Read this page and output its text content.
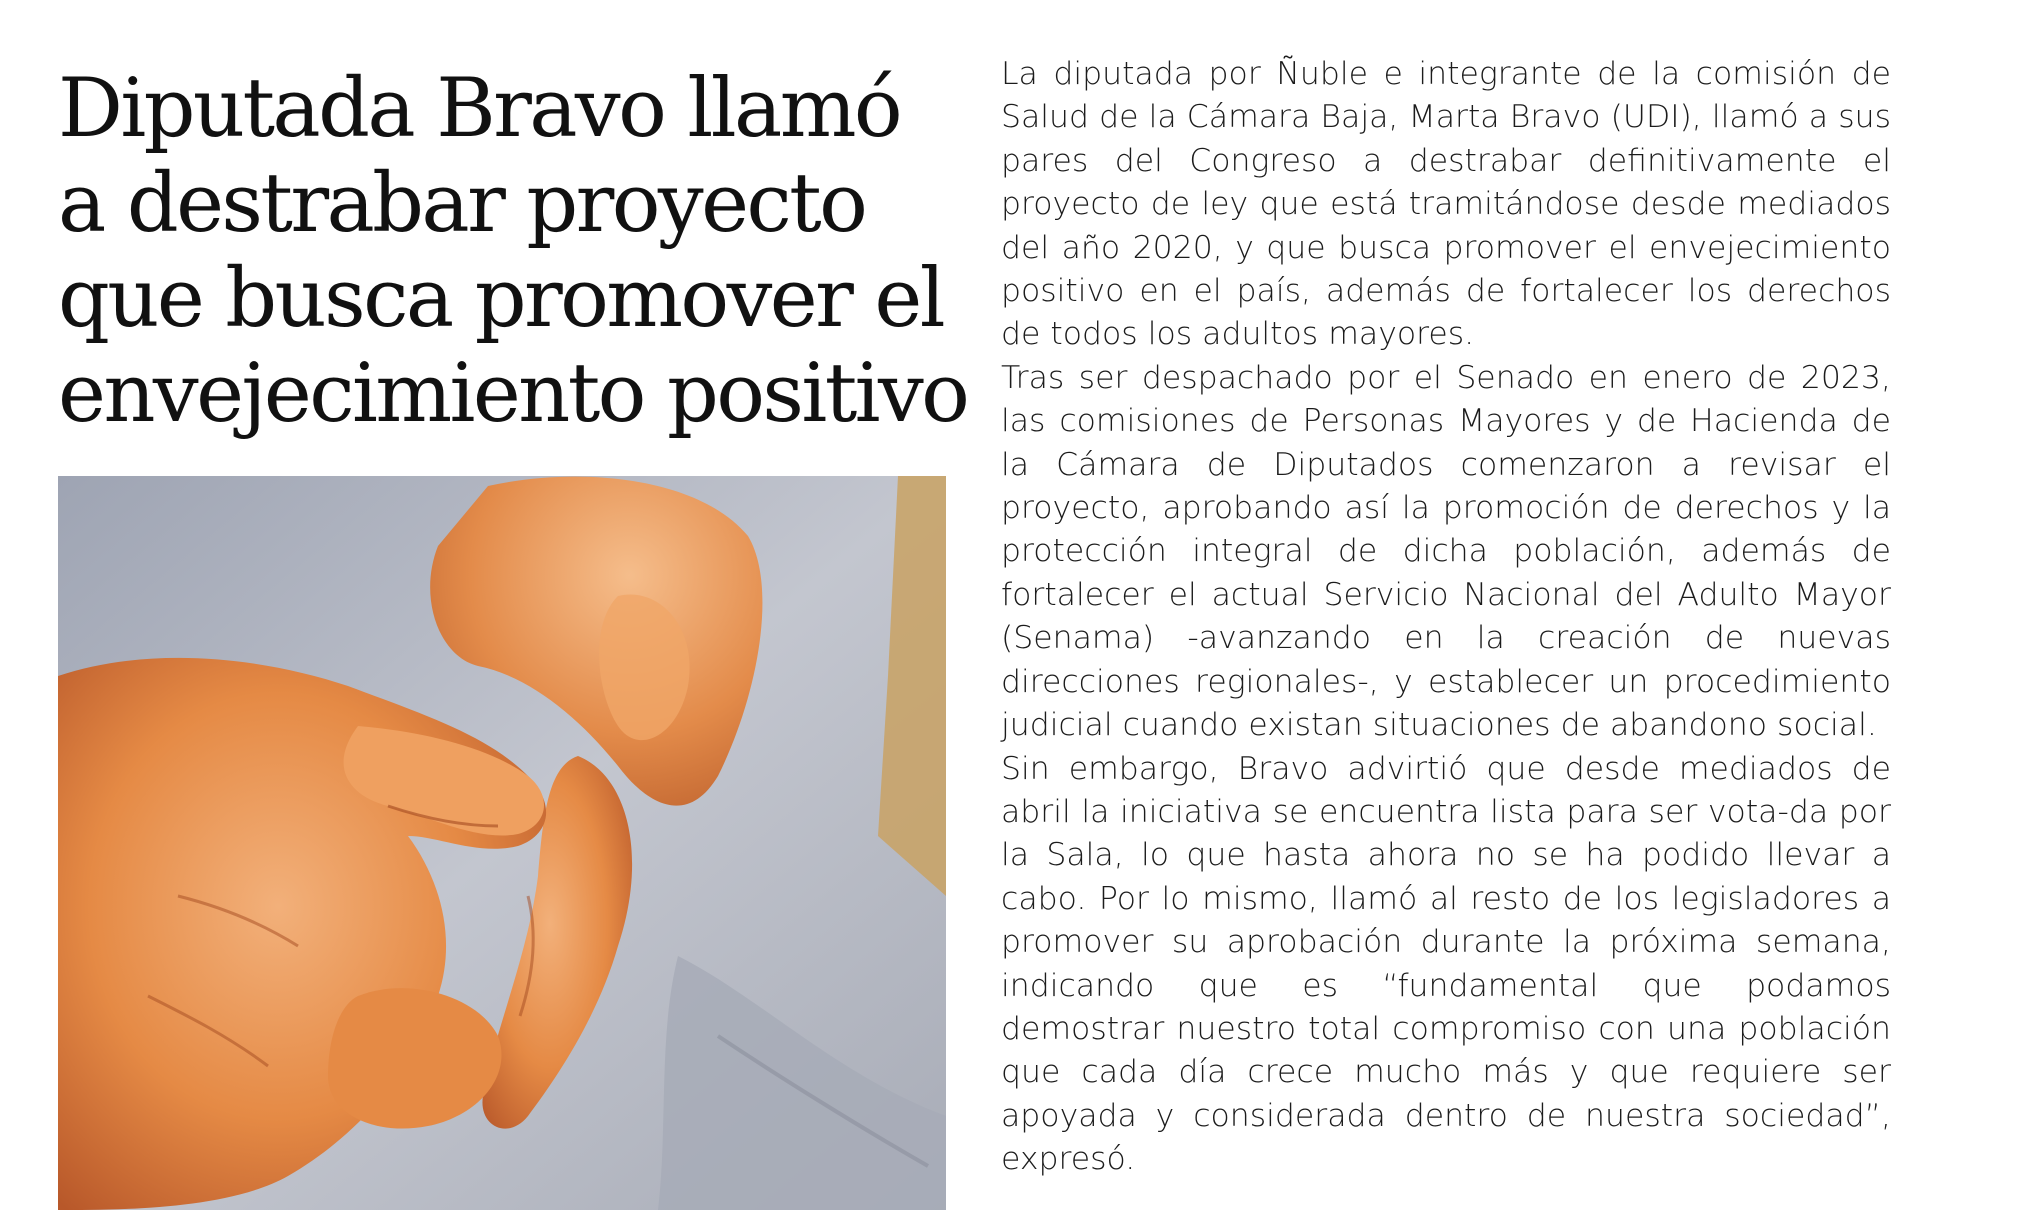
Diputada Bravo llamó
a destrabar proyecto
que busca promover el
envejecimiento positivo

La diputada por Ñuble e integrante de la comisión de Salud de la Cámara Baja, Marta Bravo (UDI), llamó a sus pares del Congreso a destrabar definitivamente el proyecto de ley que está tramitándose desde mediados del año 2020, y que busca promover el envejecimiento positivo en el país, además de fortalecer los derechos de todos los adultos mayores.

Tras ser despachado por el Senado en enero de 2023, las comisiones de Personas Mayores y de Hacienda de la Cámara de Diputados comenzaron a revisar el proyecto, aprobando así la promoción de derechos y la protección integral de dicha población, además de fortalecer el actual Servicio Nacional del Adulto Mayor (Senama) -avanzando en la creación de nuevas direcciones regionales-, y establecer un procedimiento judicial cuando existan situaciones de abandono social.

Sin embargo, Bravo advirtió que desde mediados de abril la iniciativa se encuentra lista para ser vota-da por la Sala, lo que hasta ahora no se ha podido llevar a cabo. Por lo mismo, llamó al resto de los legisladores a promover su aprobación durante la próxima semana, indicando que es “fundamental que podamos demostrar nuestro total compromiso con una población que cada día crece mucho más y que requiere ser apoyada y considerada dentro de nuestra sociedad”, expresó.
